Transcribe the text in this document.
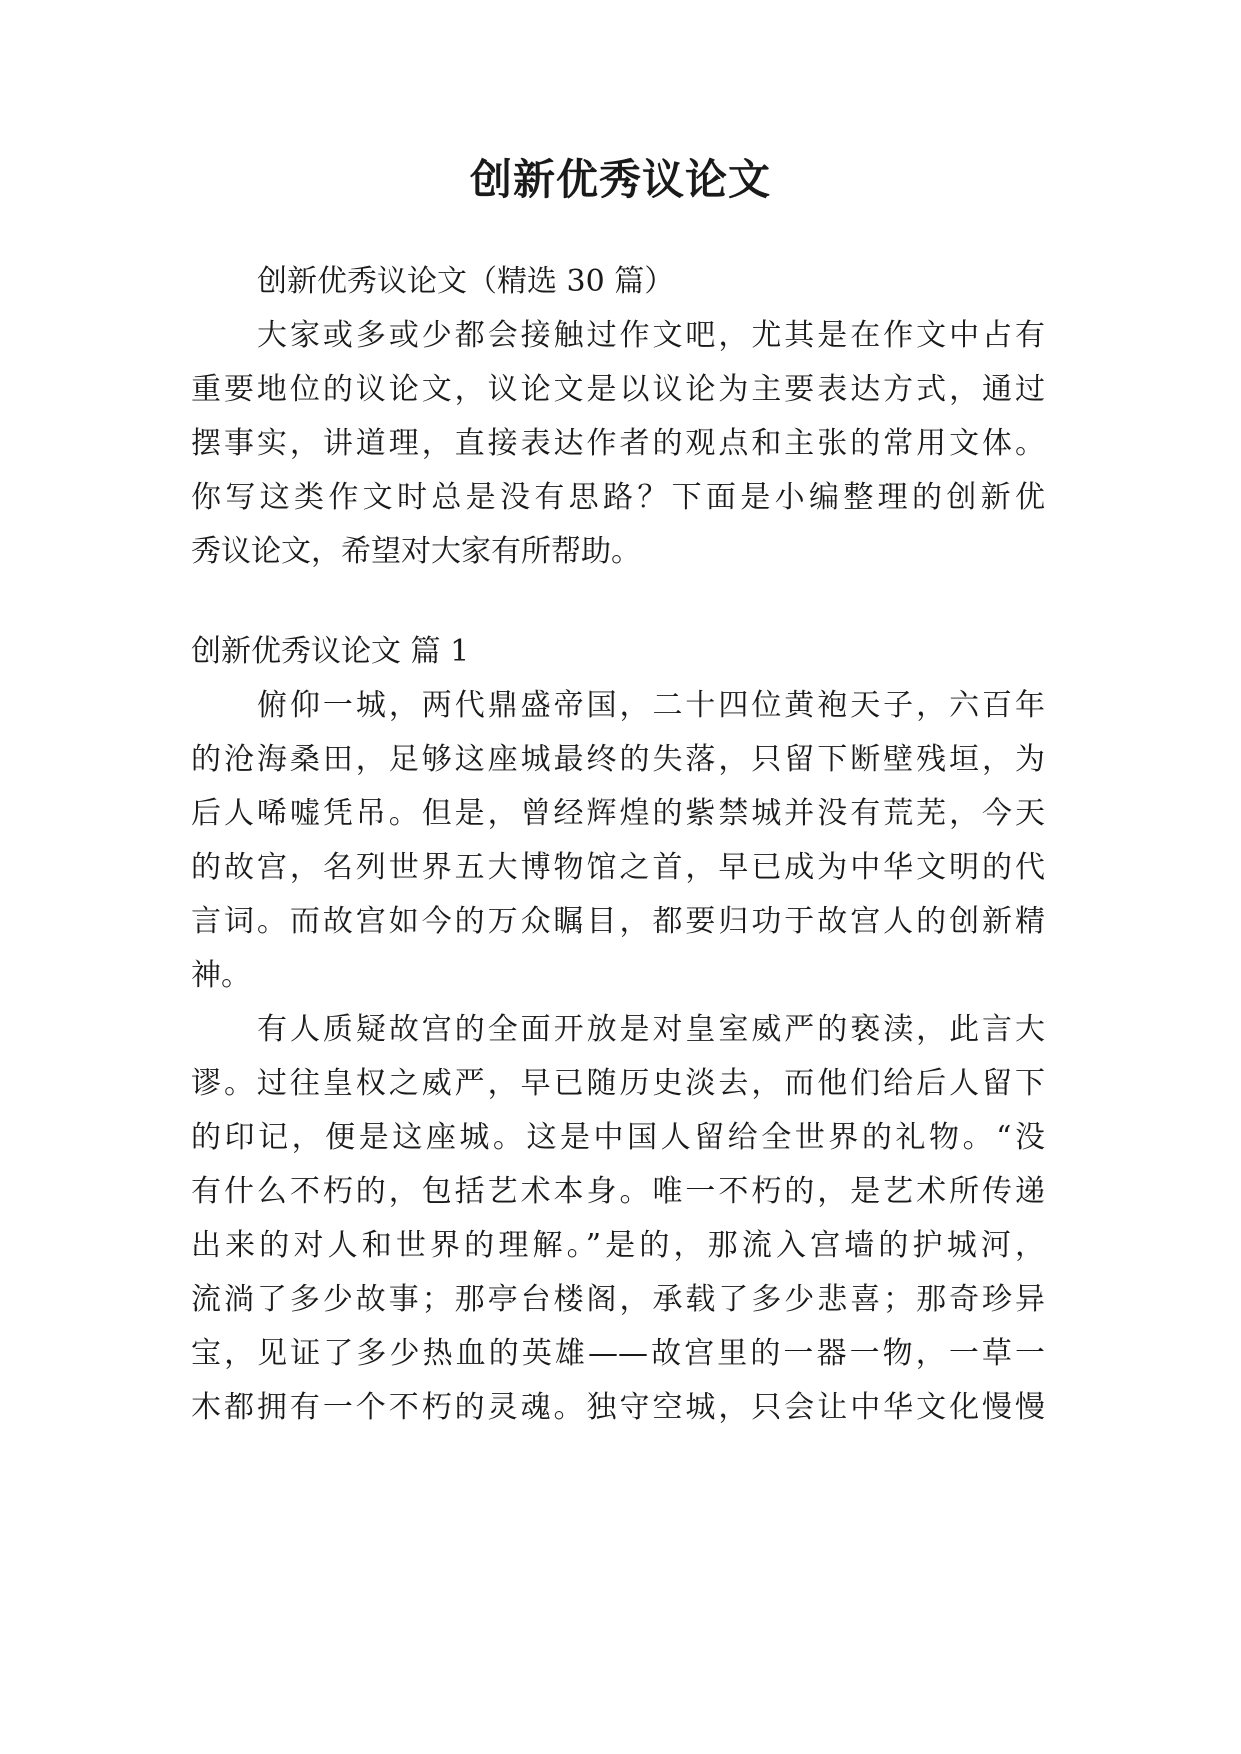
创新优秀议论文

创新优秀议论文（精选 30 篇）

大家或多或少都会接触过作文吧，尤其是在作文中占有

重要地位的议论文，议论文是以议论为主要表达方式，通过

摆事实，讲道理，直接表达作者的观点和主张的常用文体。

你写这类作文时总是没有思路？下面是小编整理的创新优

秀议论文，希望对大家有所帮助。

创新优秀议论文 篇 1

俯仰一城，两代鼎盛帝国，二十四位黄袍天子，六百年

的沧海桑田，足够这座城最终的失落，只留下断壁残垣，为

后人唏嘘凭吊。但是，曾经辉煌的紫禁城并没有荒芜，今天

的故宫，名列世界五大博物馆之首，早已成为中华文明的代

言词。而故宫如今的万众瞩目，都要归功于故宫人的创新精

神。

有人质疑故宫的全面开放是对皇室威严的亵渎，此言大

谬。过往皇权之威严，早已随历史淡去，而他们给后人留下

的印记，便是这座城。这是中国人留给全世界的礼物。“没

有什么不朽的，包括艺术本身。唯一不朽的，是艺术所传递

出来的对人和世界的理解。”是的，那流入宫墙的护城河，

流淌了多少故事；那亭台楼阁，承载了多少悲喜；那奇珍异

宝，见证了多少热血的英雄——故宫里的一器一物，一草一

木都拥有一个不朽的灵魂。独守空城，只会让中华文化慢慢
